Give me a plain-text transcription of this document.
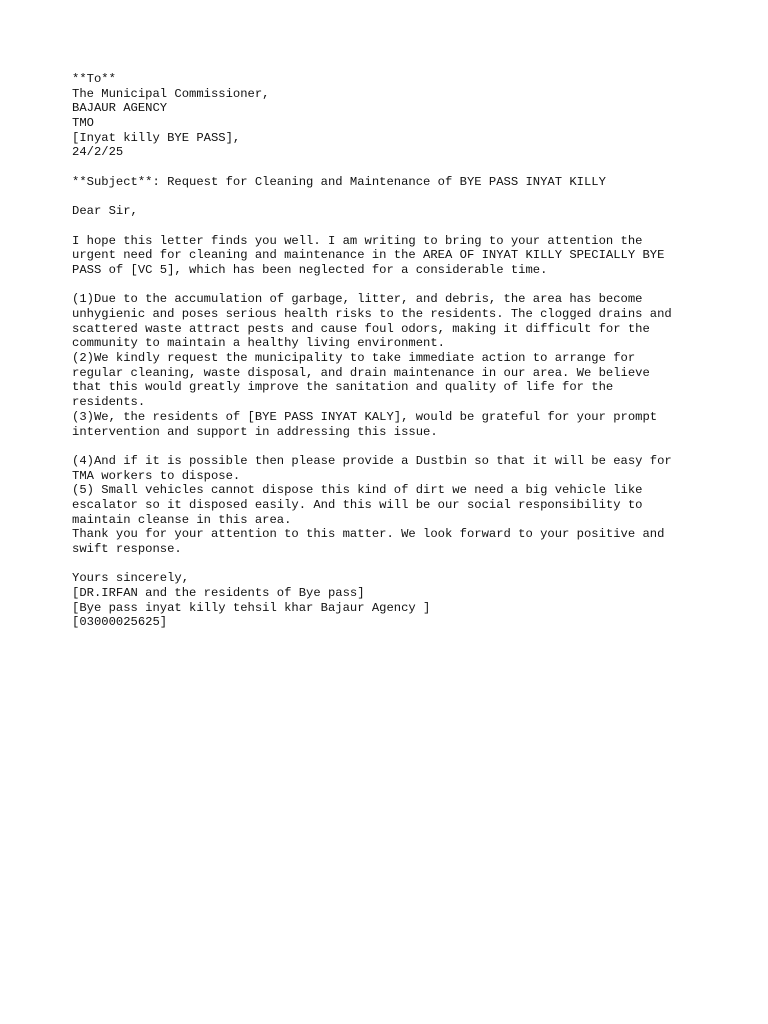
**To**
The Municipal Commissioner,
BAJAUR AGENCY
TMO
[Inyat killy BYE PASS],
24/2/25
**Subject**: Request for Cleaning and Maintenance of BYE PASS INYAT KILLY
Dear Sir,
I hope this letter finds you well. I am writing to bring to your attention the
urgent need for cleaning and maintenance in the AREA OF INYAT KILLY SPECIALLY BYE
PASS of [VC 5], which has been neglected for a considerable time.
(1)Due to the accumulation of garbage, litter, and debris, the area has become
unhygienic and poses serious health risks to the residents. The clogged drains and
scattered waste attract pests and cause foul odors, making it difficult for the
community to maintain a healthy living environment.
(2)We kindly request the municipality to take immediate action to arrange for
regular cleaning, waste disposal, and drain maintenance in our area. We believe
that this would greatly improve the sanitation and quality of life for the
residents.
(3)We, the residents of [BYE PASS INYAT KALY], would be grateful for your prompt
intervention and support in addressing this issue.
(4)And if it is possible then please provide a Dustbin so that it will be easy for
TMA workers to dispose.
(5) Small vehicles cannot dispose this kind of dirt we need a big vehicle like
escalator so it disposed easily. And this will be our social responsibility to
maintain cleanse in this area.
Thank you for your attention to this matter. We look forward to your positive and
swift response.
Yours sincerely,
[DR.IRFAN and the residents of Bye pass]
[Bye pass inyat killy tehsil khar Bajaur Agency ]
[03000025625]
